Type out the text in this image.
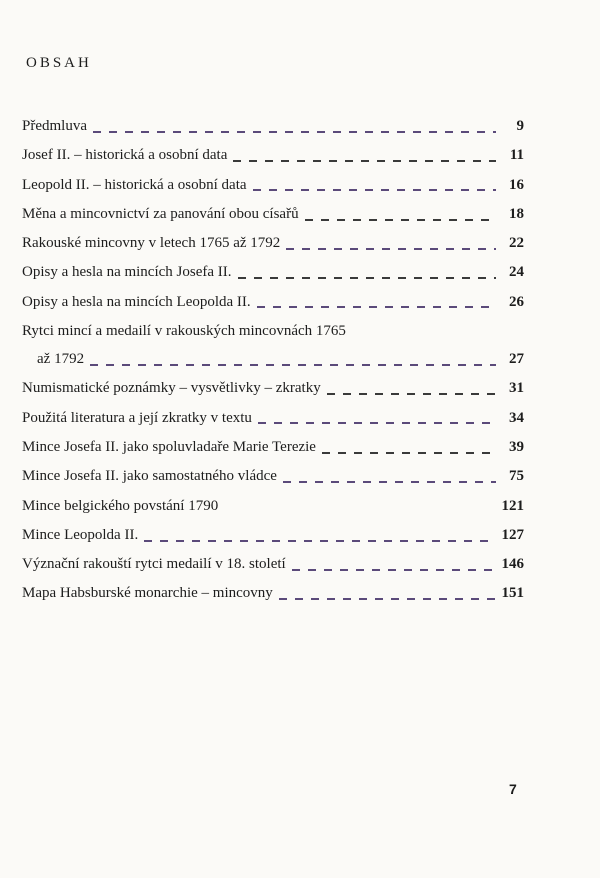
OBSAH
Předmluva	9
Josef II. – historická a osobní data	11
Leopold II. – historická a osobní data	16
Měna a mincovnictví za panování obou císařů	18
Rakouské mincovny v letech 1765 až 1792	22
Opisy a hesla na mincích Josefa II.	24
Opisy a hesla na mincích Leopolda II.	26
Rytci mincí a medailí v rakouských mincovnách 1765
až 1792	27
Numismatické poznámky – vysvětlivky – zkratky	31
Použitá literatura a její zkratky v textu	34
Mince Josefa II. jako spoluvladaře Marie Terezie	39
Mince Josefa II. jako samostatného vládce	75
Mince belgického povstání 1790	121
Mince Leopolda II.	127
Význační rakouští rytci medailí v 18. století	146
Mapa Habsburské monarchie – mincovny	151
7
